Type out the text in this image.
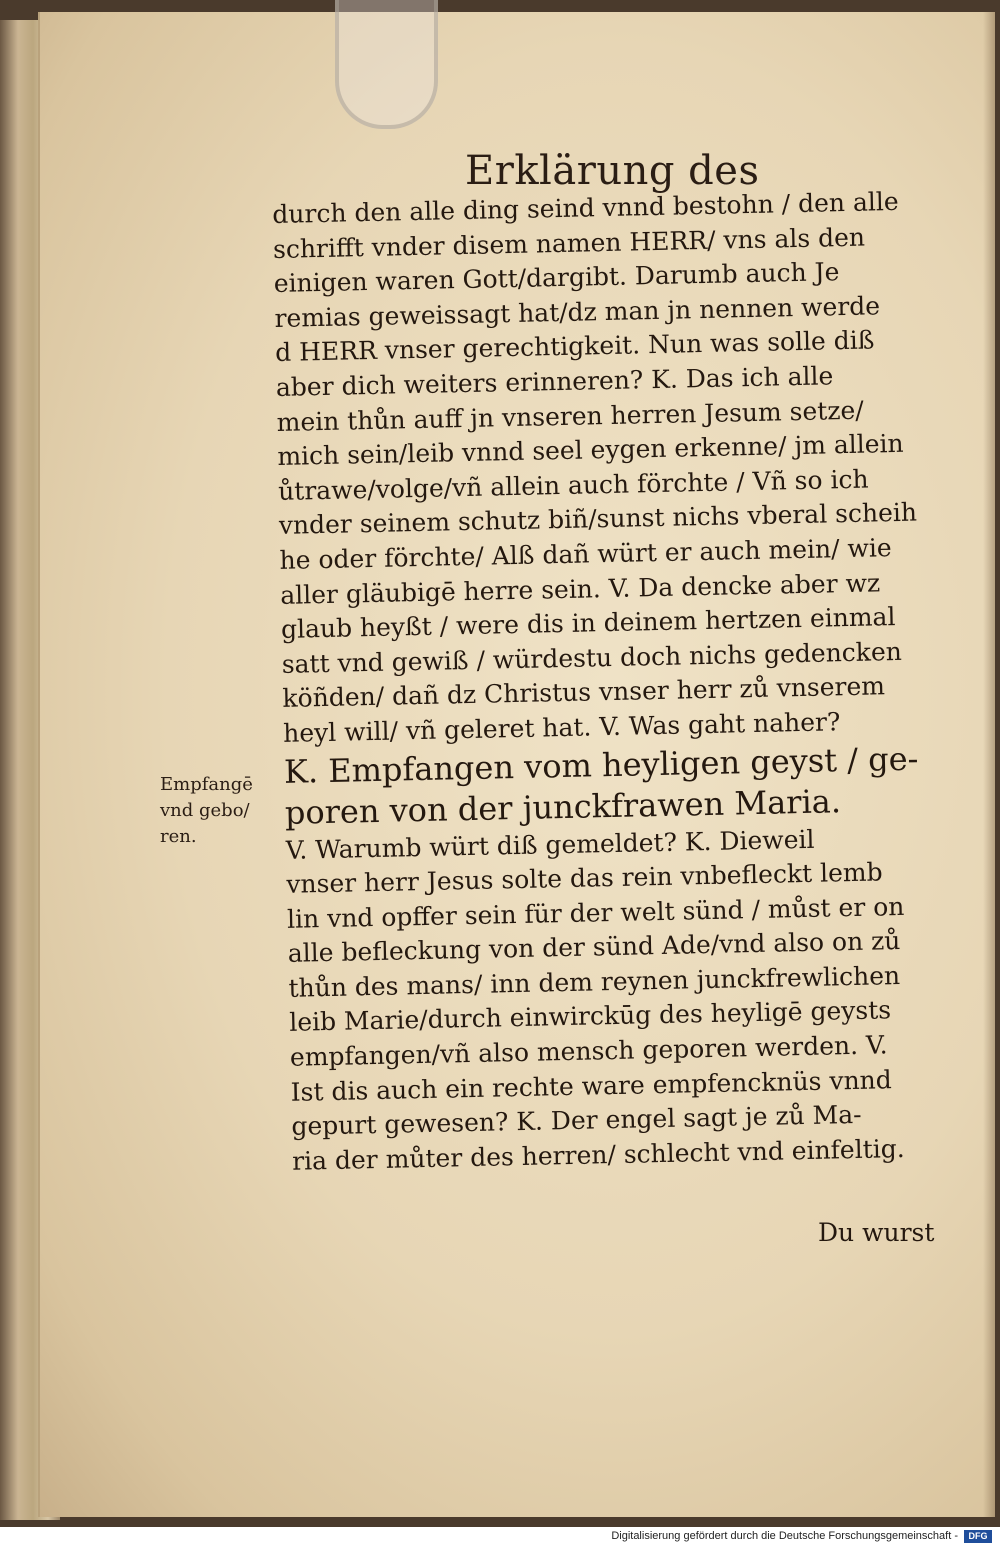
Erklärung des
Empfangē
vnd gebo/
ren.
durch den alle ding seind vnnd bestohn / den alle
schrifft vnder disem namen HERR/ vns als den
einigen waren Gott/dargibt. Darumb auch Je
remias geweissagt hat/dz man jn nennen werde
d HERR vnser gerechtigkeit. Nun was solle diß
aber dich weiters erinneren? K. Das ich alle
mein thůn auff jn vnseren herren Jesum setze/
mich sein/leib vnnd seel eygen erkenne/ jm allein
ůtrawe/volge/vñ allein auch förchte / Vñ so ich
vnder seinem schutz biñ/sunst nichs vberal scheih
he oder förchte/ Alß dañ würt er auch mein/ wie
aller gläubigē herre sein. V. Da dencke aber wz
glaub heyßt / were dis in deinem hertzen einmal
satt vnd gewiß / würdestu doch nichs gedencken
köñden/ dañ dz Christus vnser herr zů vnserem
heyl will/ vñ geleret hat. V. Was gaht naher?
K. Empfangen vom heyligen geyst / ge-
poren von der junckfrawen Maria.
V. Warumb würt diß gemeldet? K. Dieweil
vnser herr Jesus solte das rein vnbefleckt lemb
lin vnd opffer sein für der welt sünd / můst er on
alle befleckung von der sünd Ade/vnd also on zů
thůn des mans/ inn dem reynen junckfrewlichen
leib Marie/durch einwirckūg des heyligē geysts
empfangen/vñ also mensch geporen werden. V.
Ist dis auch ein rechte ware empfencknüs vnnd
gepurt gewesen? K. Der engel sagt je zů Ma-
ria der můter des herren/ schlecht vnd einfeltig.
Du wurst
Digitalisierung gefördert durch die Deutsche Forschungsgemeinschaft -	DFG
